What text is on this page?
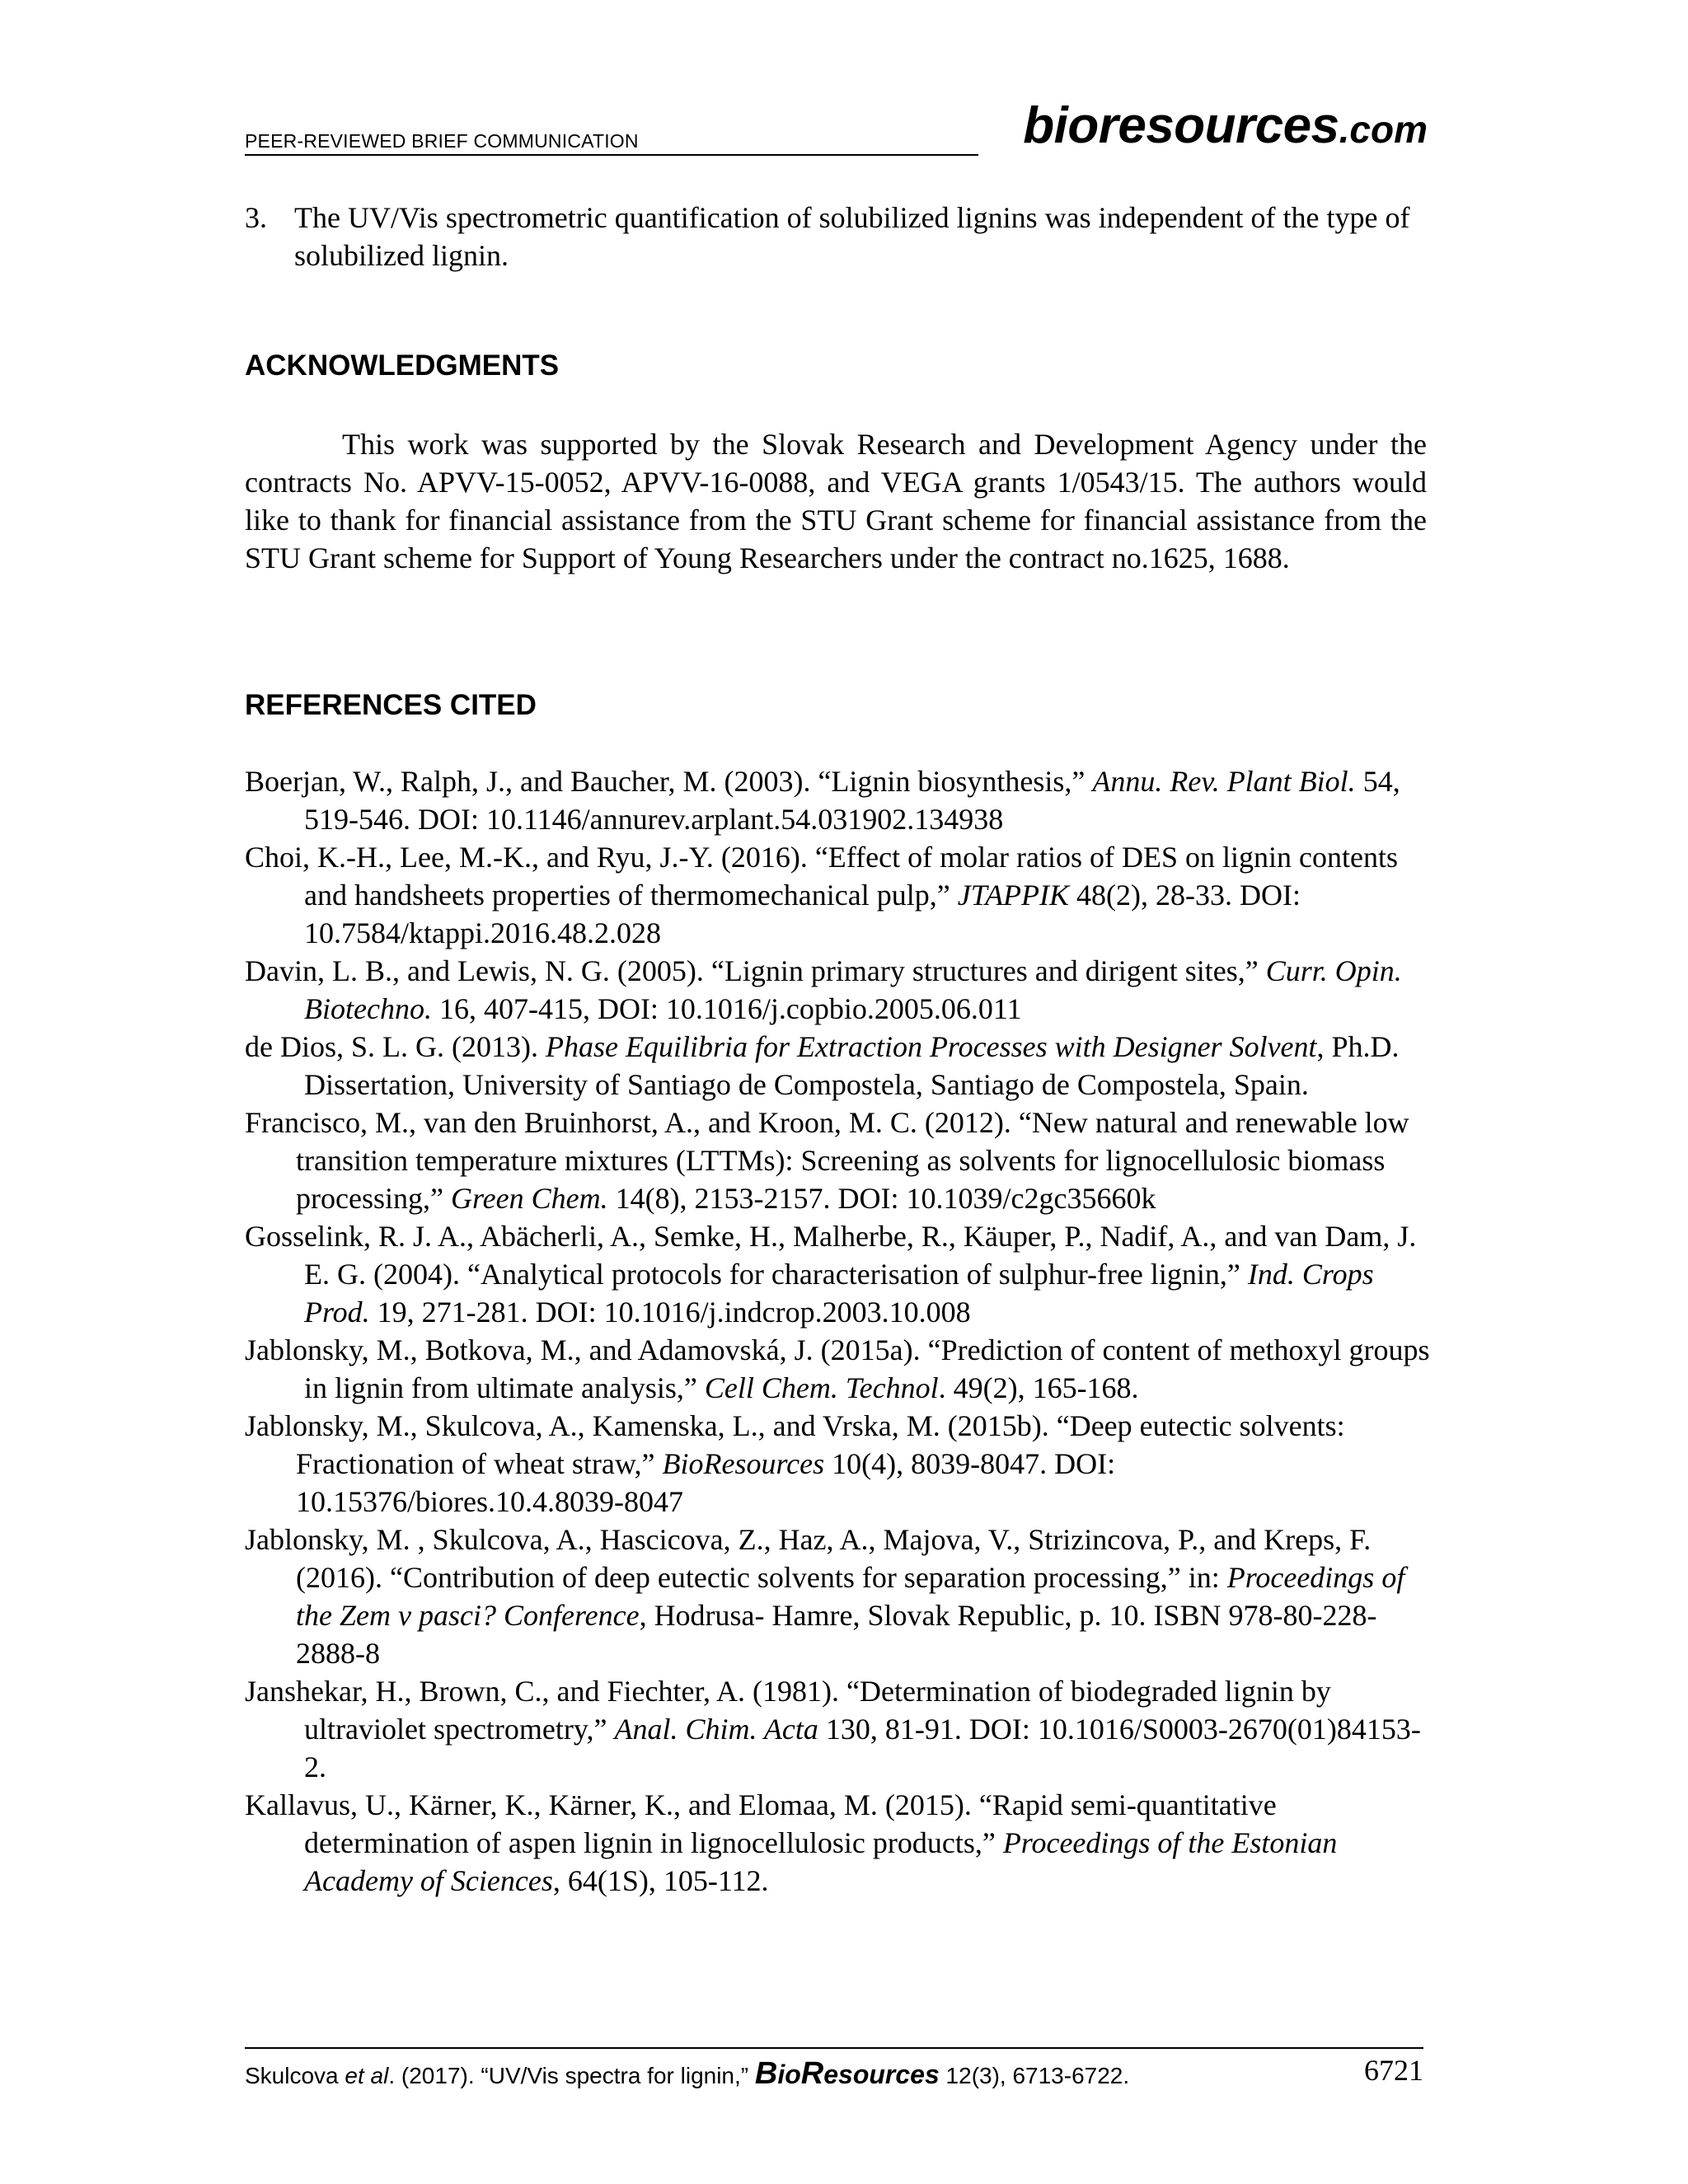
PEER-REVIEWED BRIEF COMMUNICATION	bioresources.com
3. The UV/Vis spectrometric quantification of solubilized lignins was independent of the type of solubilized lignin.
ACKNOWLEDGMENTS

This work was supported by the Slovak Research and Development Agency under the contracts No. APVV-15-0052, APVV-16-0088, and VEGA grants 1/0543/15. The authors would like to thank for financial assistance from the STU Grant scheme for financial assistance from the STU Grant scheme for Support of Young Researchers under the contract no.1625, 1688.

REFERENCES CITED

Boerjan, W., Ralph, J., and Baucher, M. (2003). “Lignin biosynthesis,” Annu. Rev. Plant Biol. 54, 519-546. DOI: 10.1146/annurev.arplant.54.031902.134938

Choi, K.-H., Lee, M.-K., and Ryu, J.-Y. (2016). “Effect of molar ratios of DES on lignin contents and handsheets properties of thermomechanical pulp,” JTAPPIK 48(2), 28-33. DOI: 10.7584/ktappi.2016.48.2.028

Davin, L. B., and Lewis, N. G. (2005). “Lignin primary structures and dirigent sites,” Curr. Opin. Biotechno. 16, 407-415, DOI: 10.1016/j.copbio.2005.06.011

de Dios, S. L. G. (2013). Phase Equilibria for Extraction Processes with Designer Solvent, Ph.D. Dissertation, University of Santiago de Compostela, Santiago de Compostela, Spain.

Francisco, M., van den Bruinhorst, A., and Kroon, M. C. (2012). “New natural and renewable low transition temperature mixtures (LTTMs): Screening as solvents for lignocellulosic biomass processing,” Green Chem. 14(8), 2153-2157. DOI: 10.1039/c2gc35660k

Gosselink, R. J. A., Abächerli, A., Semke, H., Malherbe, R., Käuper, P., Nadif, A., and van Dam, J. E. G. (2004). “Analytical protocols for characterisation of sulphur-free lignin,” Ind. Crops Prod. 19, 271-281. DOI: 10.1016/j.indcrop.2003.10.008

Jablonsky, M., Botkova, M., and Adamovská, J. (2015a). “Prediction of content of methoxyl groups in lignin from ultimate analysis,” Cell Chem. Technol. 49(2), 165-168.

Jablonsky, M., Skulcova, A., Kamenska, L., and Vrska, M. (2015b). “Deep eutectic solvents: Fractionation of wheat straw,” BioResources 10(4), 8039-8047. DOI: 10.15376/biores.10.4.8039-8047

Jablonsky, M. , Skulcova, A., Hascicova, Z., Haz, A., Majova, V., Strizincova, P., and Kreps, F. (2016). “Contribution of deep eutectic solvents for separation processing,” in: Proceedings of the Zem v pasci? Conference, Hodrusa- Hamre, Slovak Republic, p. 10. ISBN 978-80-228-2888-8

Janshekar, H., Brown, C., and Fiechter, A. (1981). “Determination of biodegraded lignin by ultraviolet spectrometry,” Anal. Chim. Acta 130, 81-91. DOI: 10.1016/S0003-2670(01)84153-2.

Kallavus, U., Kärner, K., Kärner, K., and Elomaa, M. (2015). “Rapid semi-quantitative determination of aspen lignin in lignocellulosic products,” Proceedings of the Estonian Academy of Sciences, 64(1S), 105-112.

Skulcova et al. (2017). “UV/Vis spectra for lignin,” BioResources 12(3), 6713-6722.	6721
